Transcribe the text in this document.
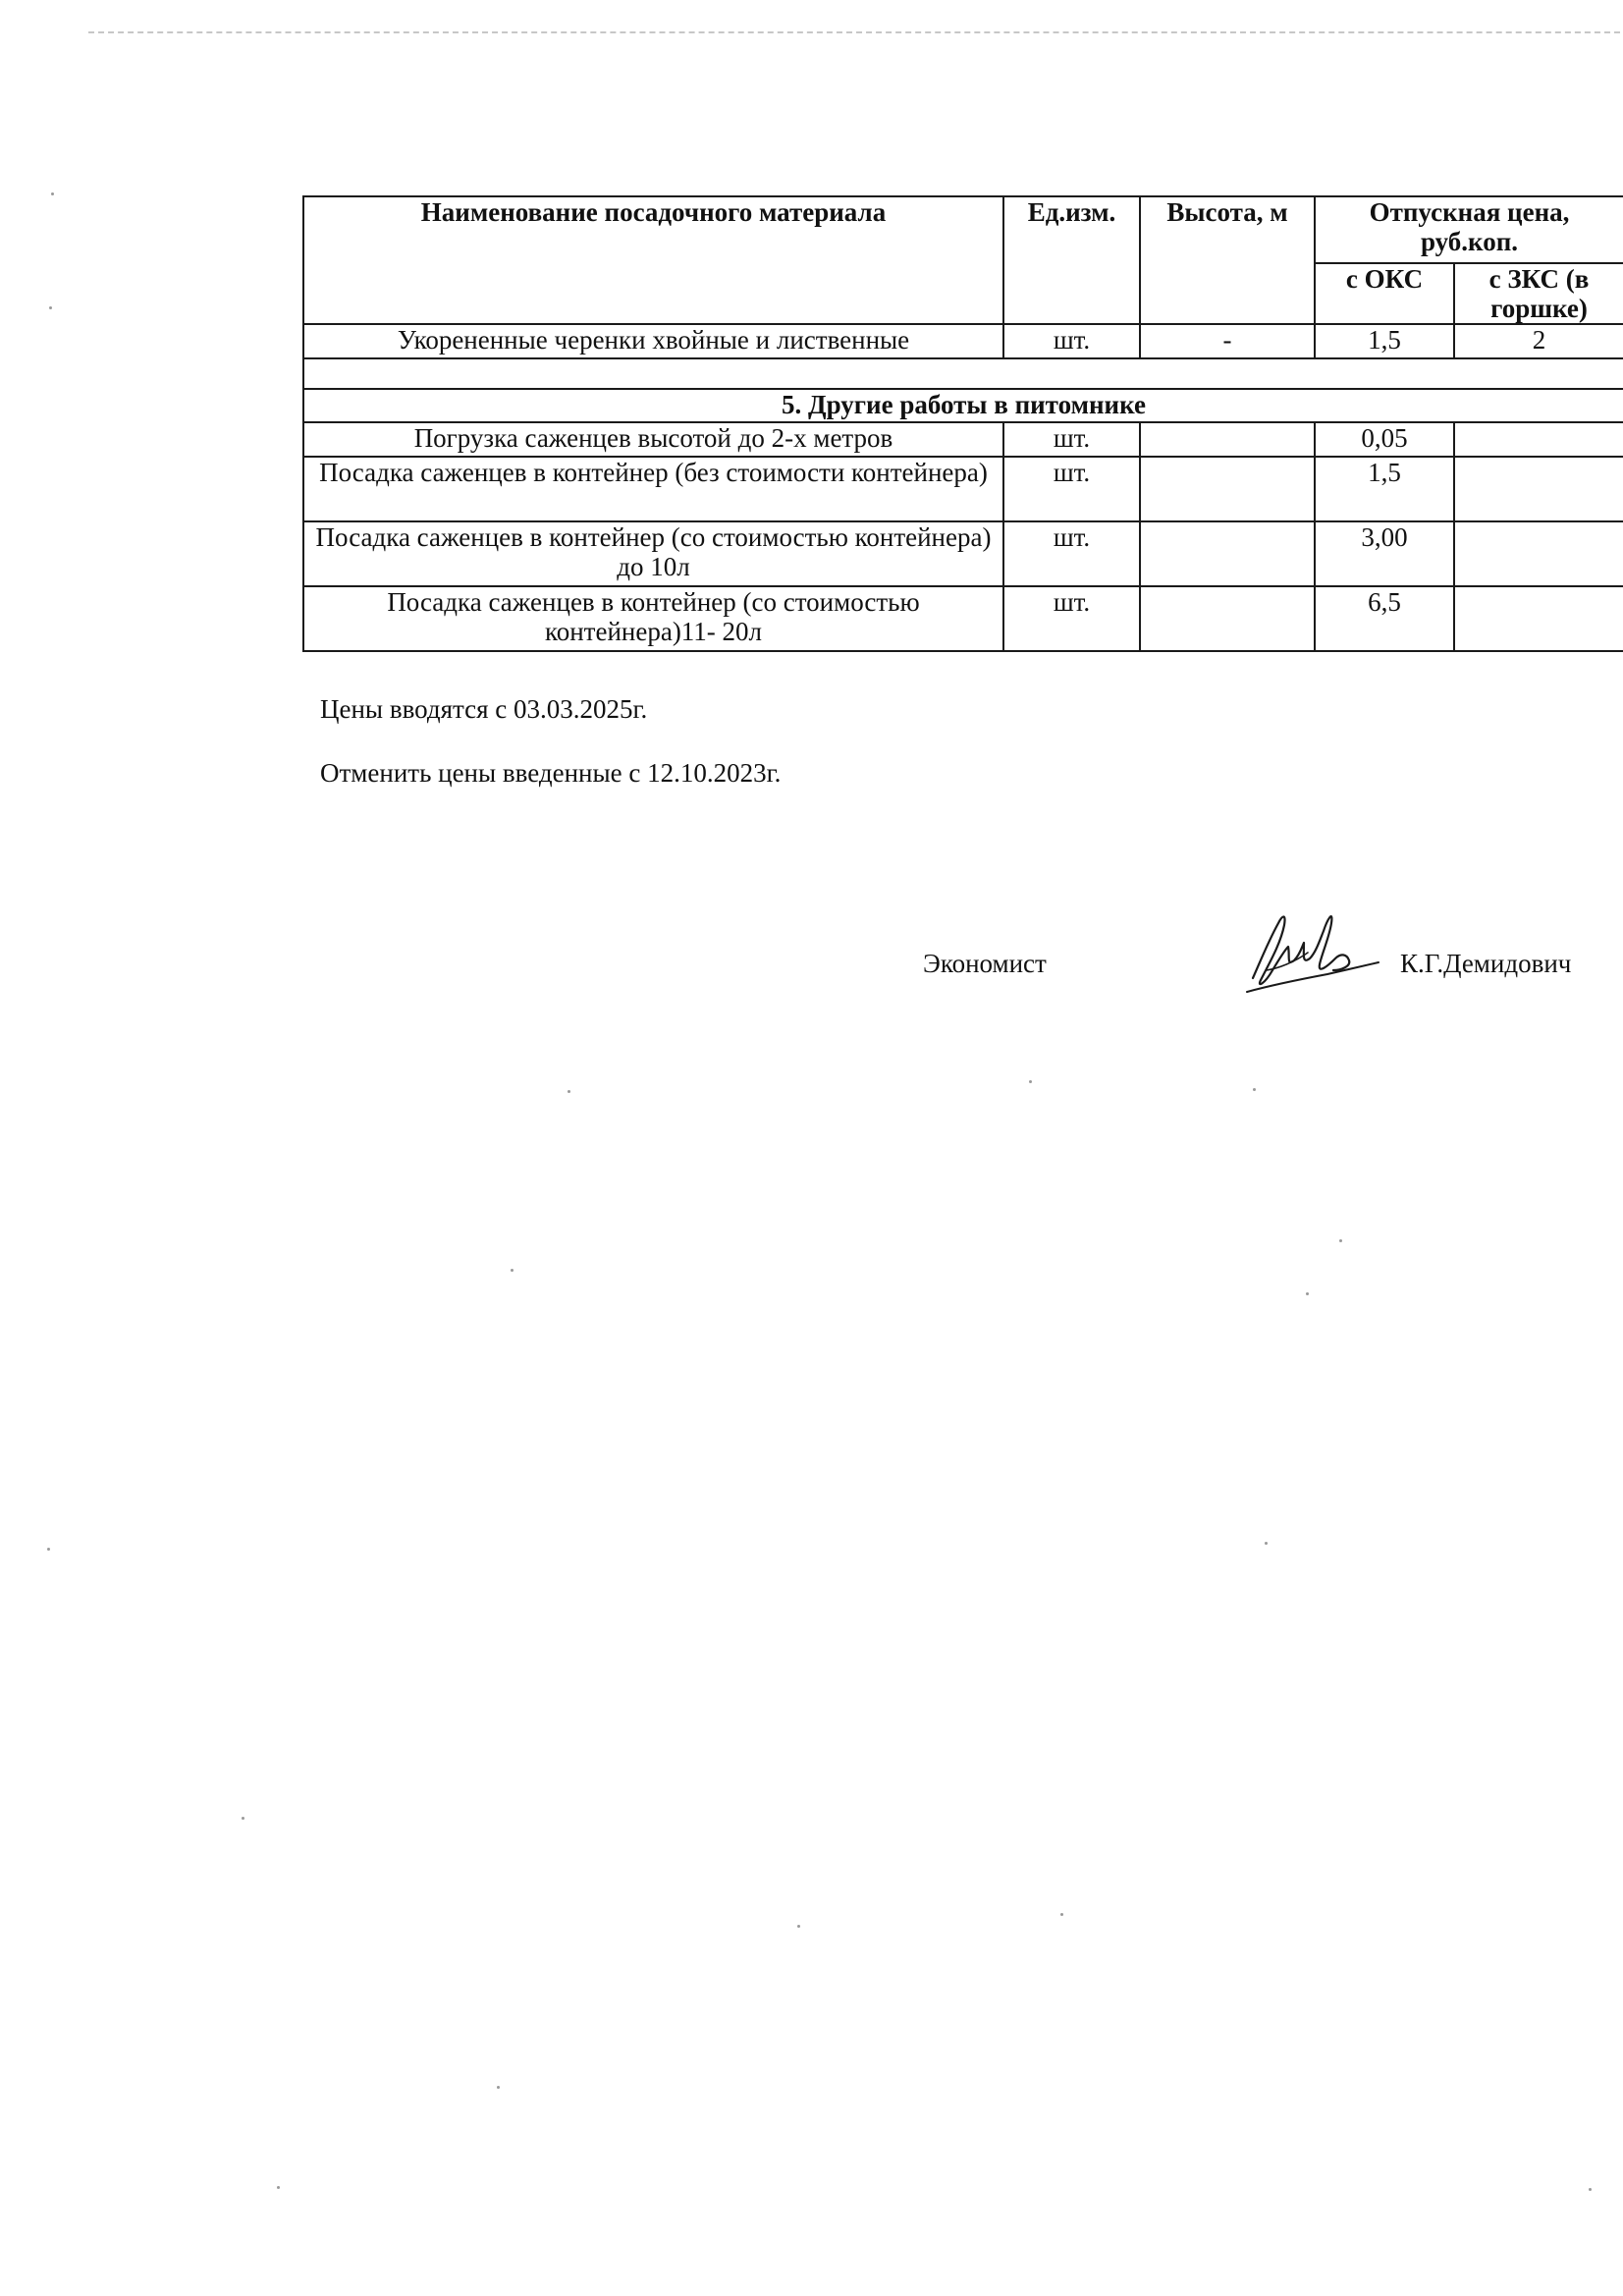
Наименование посадочного материала	Ед.изм.	Высота, м	Отпускная цена, руб.коп.	
			с ОКС	с ЗКС (в горшке)
Укорененные черенки хвойные и лиственные	шт.	-	1,5	2

5. Другие работы в питомнике				
Погрузка саженцев высотой до 2-х метров	шт.		0,05	
Посадка саженцев в контейнер (без стоимости контейнера)	шт.		1,5	
Посадка саженцев в контейнер (со стоимостью контейнера) до 10л	шт.		3,00	
Посадка саженцев в контейнер (со стоимостью контейнера)11- 20л	шт.		6,5	

Цены вводятся с 03.03.2025г.

Отменить цены введенные с 12.10.2023г.

Экономист	К.Г.Демидович
